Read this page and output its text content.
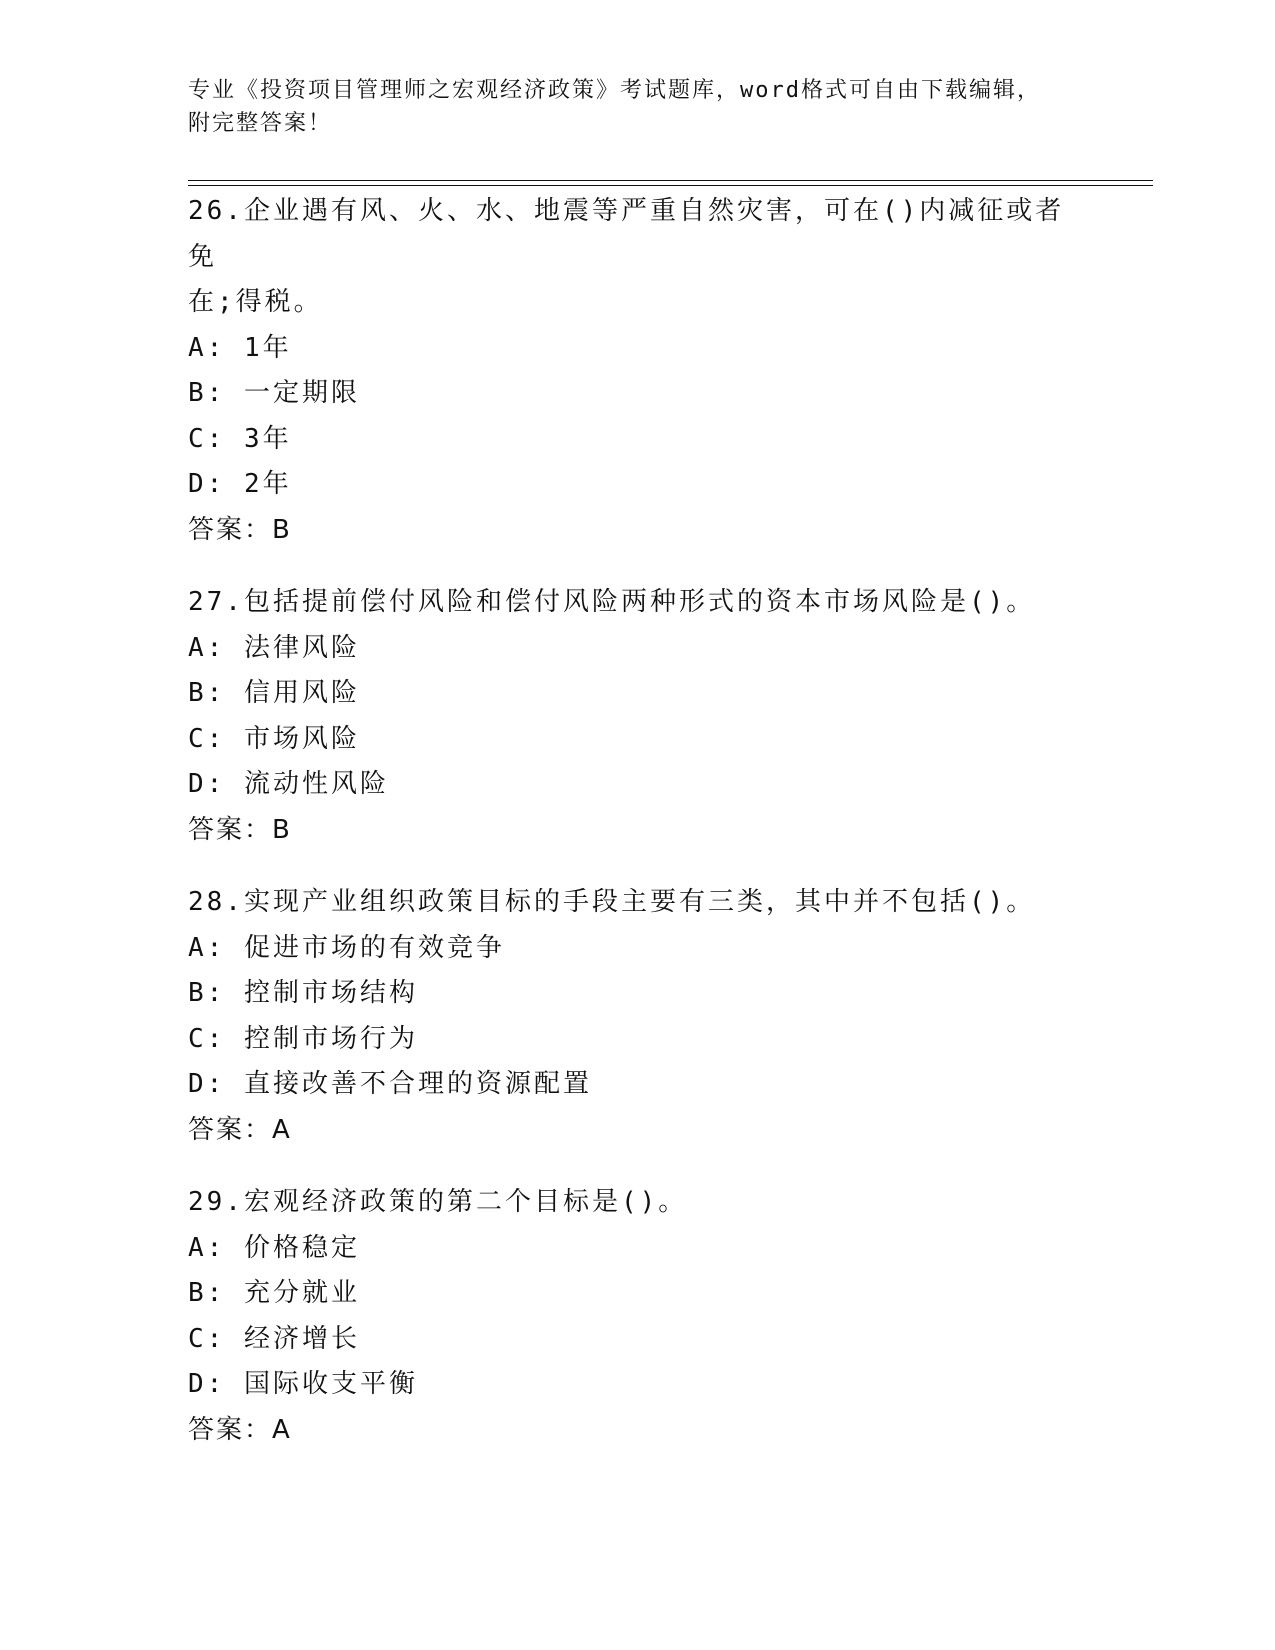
专业《投资项目管理师之宏观经济政策》考试题库，word格式可自由下载编辑，
附完整答案！
26.企业遇有风、火、水、地震等严重自然灾害，可在()内减征或者免
在;得税。
A: 1年
B: 一定期限
C: 3年
D: 2年
答案：B
27.包括提前偿付风险和偿付风险两种形式的资本市场风险是()。
A: 法律风险
B: 信用风险
C: 市场风险
D: 流动性风险
答案：B
28.实现产业组织政策目标的手段主要有三类，其中并不包括()。
A: 促进市场的有效竞争
B: 控制市场结构
C: 控制市场行为
D: 直接改善不合理的资源配置
答案：A
29.宏观经济政策的第二个目标是()。
A: 价格稳定
B: 充分就业
C: 经济增长
D: 国际收支平衡
答案：A
